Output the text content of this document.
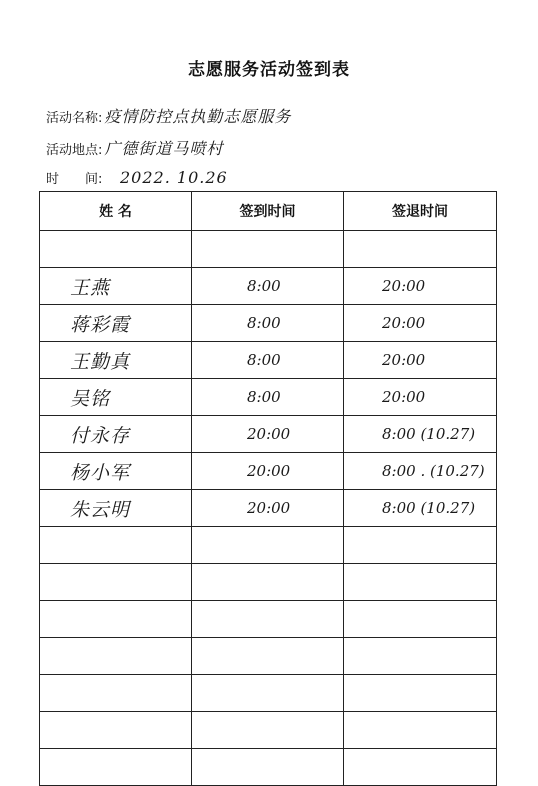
志愿服务活动签到表
活动名称: 疫情防控点执勤志愿服务
活动地点: 广德街道马喷村
时　　间: 2022. 10.26
姓 名	签到时间	签退时间

王燕	8:00	20:00
蒋彩霞	8:00	20:00
王勤真	8:00	20:00
吴铭	8:00	20:00
付永存	20:00	8:00 (10.27)
杨小军	20:00	8:00 . (10.27)
朱云明	20:00	8:00 (10.27)
